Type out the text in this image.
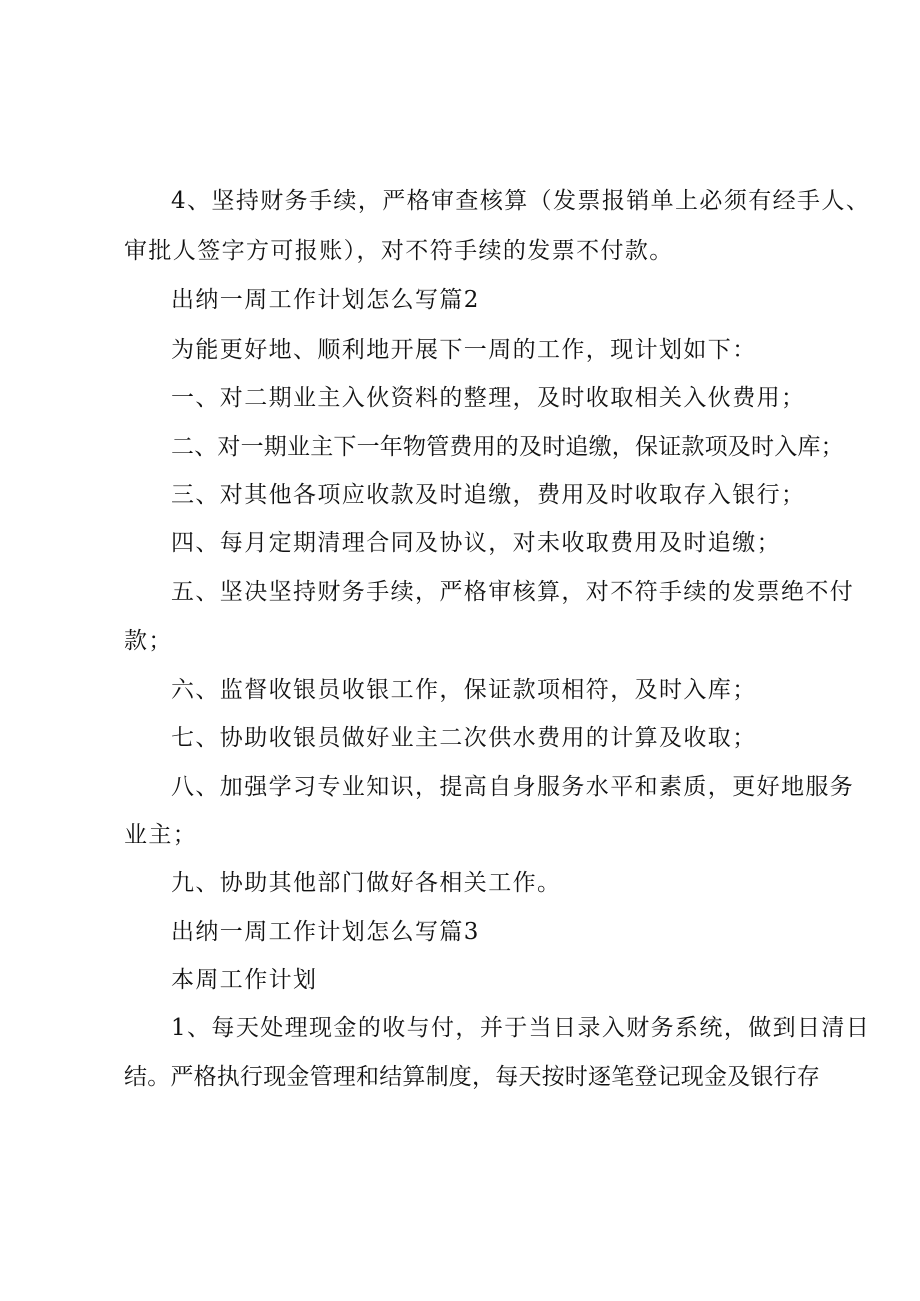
4、坚持财务手续，严格审查核算（发票报销单上必须有经手人、
审批人签字方可报账），对不符手续的发票不付款。
出纳一周工作计划怎么写篇2
为能更好地、顺利地开展下一周的工作，现计划如下：
一、对二期业主入伙资料的整理，及时收取相关入伙费用；
二、对一期业主下一年物管费用的及时追缴，保证款项及时入库；
三、对其他各项应收款及时追缴，费用及时收取存入银行；
四、每月定期清理合同及协议，对未收取费用及时追缴；
五、坚决坚持财务手续，严格审核算，对不符手续的发票绝不付
款；
六、监督收银员收银工作，保证款项相符，及时入库；
七、协助收银员做好业主二次供水费用的计算及收取；
八、加强学习专业知识，提高自身服务水平和素质，更好地服务
业主；
九、协助其他部门做好各相关工作。
出纳一周工作计划怎么写篇3
本周工作计划
1、每天处理现金的收与付，并于当日录入财务系统，做到日清日
结。严格执行现金管理和结算制度，每天按时逐笔登记现金及银行存
